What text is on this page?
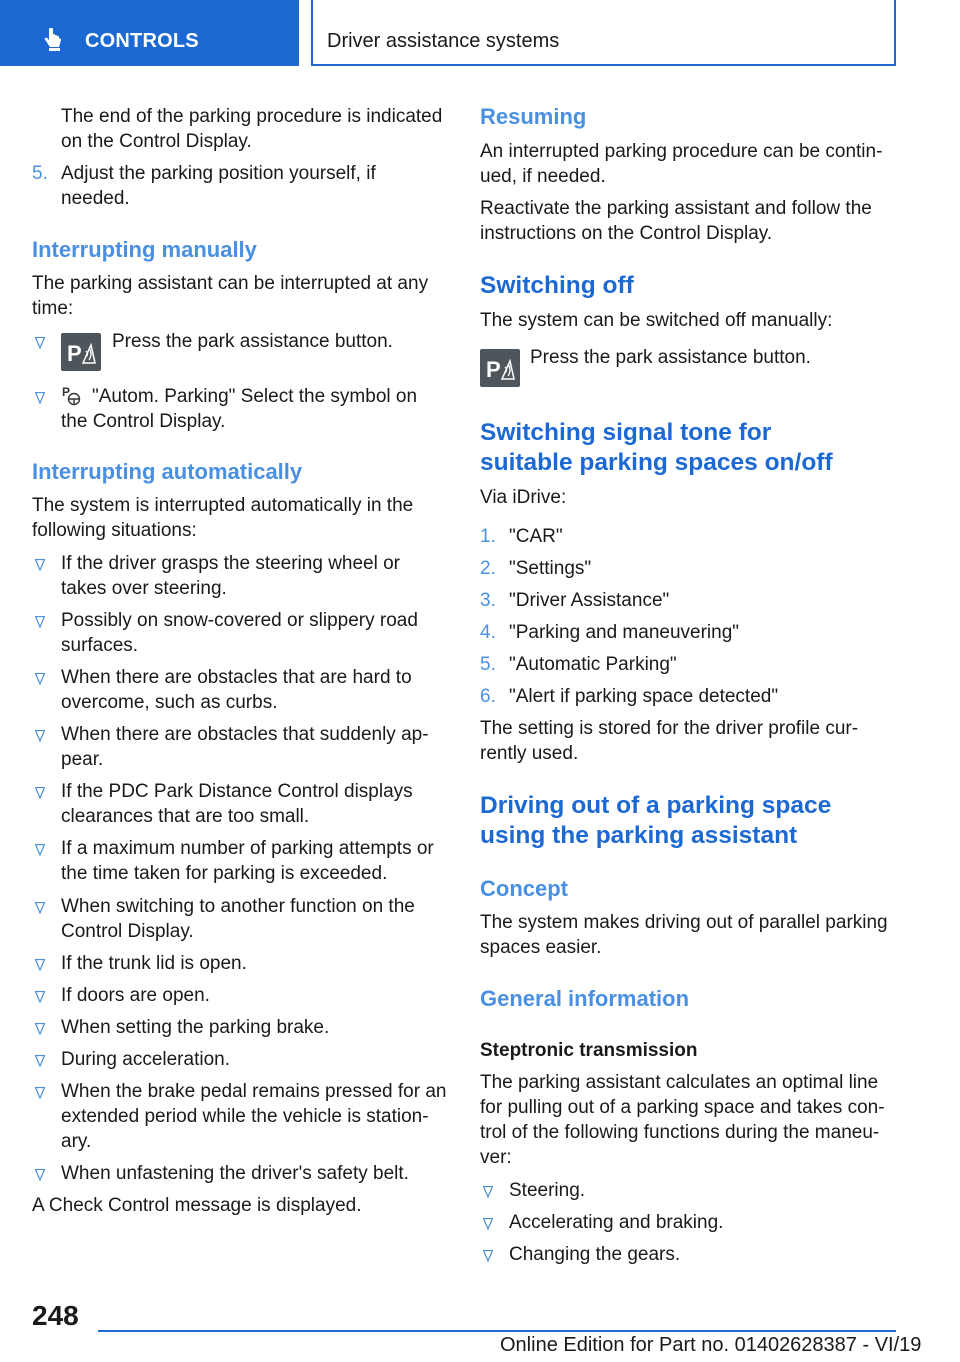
CONTROLS	Driver assistance systems
The end of the parking procedure is indicated
on the Control Display.
5. Adjust the parking position yourself, if
needed.
Interrupting manually
The parking assistant can be interrupted at any
time:
P Press the park assistance button.
P "Autom. Parking" Select the symbol on
the Control Display.
Interrupting automatically
The system is interrupted automatically in the
following situations:
If the driver grasps the steering wheel or
takes over steering.
Possibly on snow-covered or slippery road
surfaces.
When there are obstacles that are hard to
overcome, such as curbs.
When there are obstacles that suddenly ap-
pear.
If the PDC Park Distance Control displays
clearances that are too small.
If a maximum number of parking attempts or
the time taken for parking is exceeded.
When switching to another function on the
Control Display.
If the trunk lid is open.
If doors are open.
When setting the parking brake.
During acceleration.
When the brake pedal remains pressed for an
extended period while the vehicle is station-
ary.
When unfastening the driver's safety belt.
A Check Control message is displayed.
Resuming
An interrupted parking procedure can be contin-
ued, if needed.
Reactivate the parking assistant and follow the
instructions on the Control Display.
Switching off
The system can be switched off manually:
P Press the park assistance button.
Switching signal tone for
suitable parking spaces on/off
Via iDrive:
1. "CAR"
2. "Settings"
3. "Driver Assistance"
4. "Parking and maneuvering"
5. "Automatic Parking"
6. "Alert if parking space detected"
The setting is stored for the driver profile cur-
rently used.
Driving out of a parking space
using the parking assistant
Concept
The system makes driving out of parallel parking
spaces easier.
General information
Steptronic transmission
The parking assistant calculates an optimal line
for pulling out of a parking space and takes con-
trol of the following functions during the maneu-
ver:
Steering.
Accelerating and braking.
Changing the gears.
248
Online Edition for Part no. 01402628387 - VI/19
